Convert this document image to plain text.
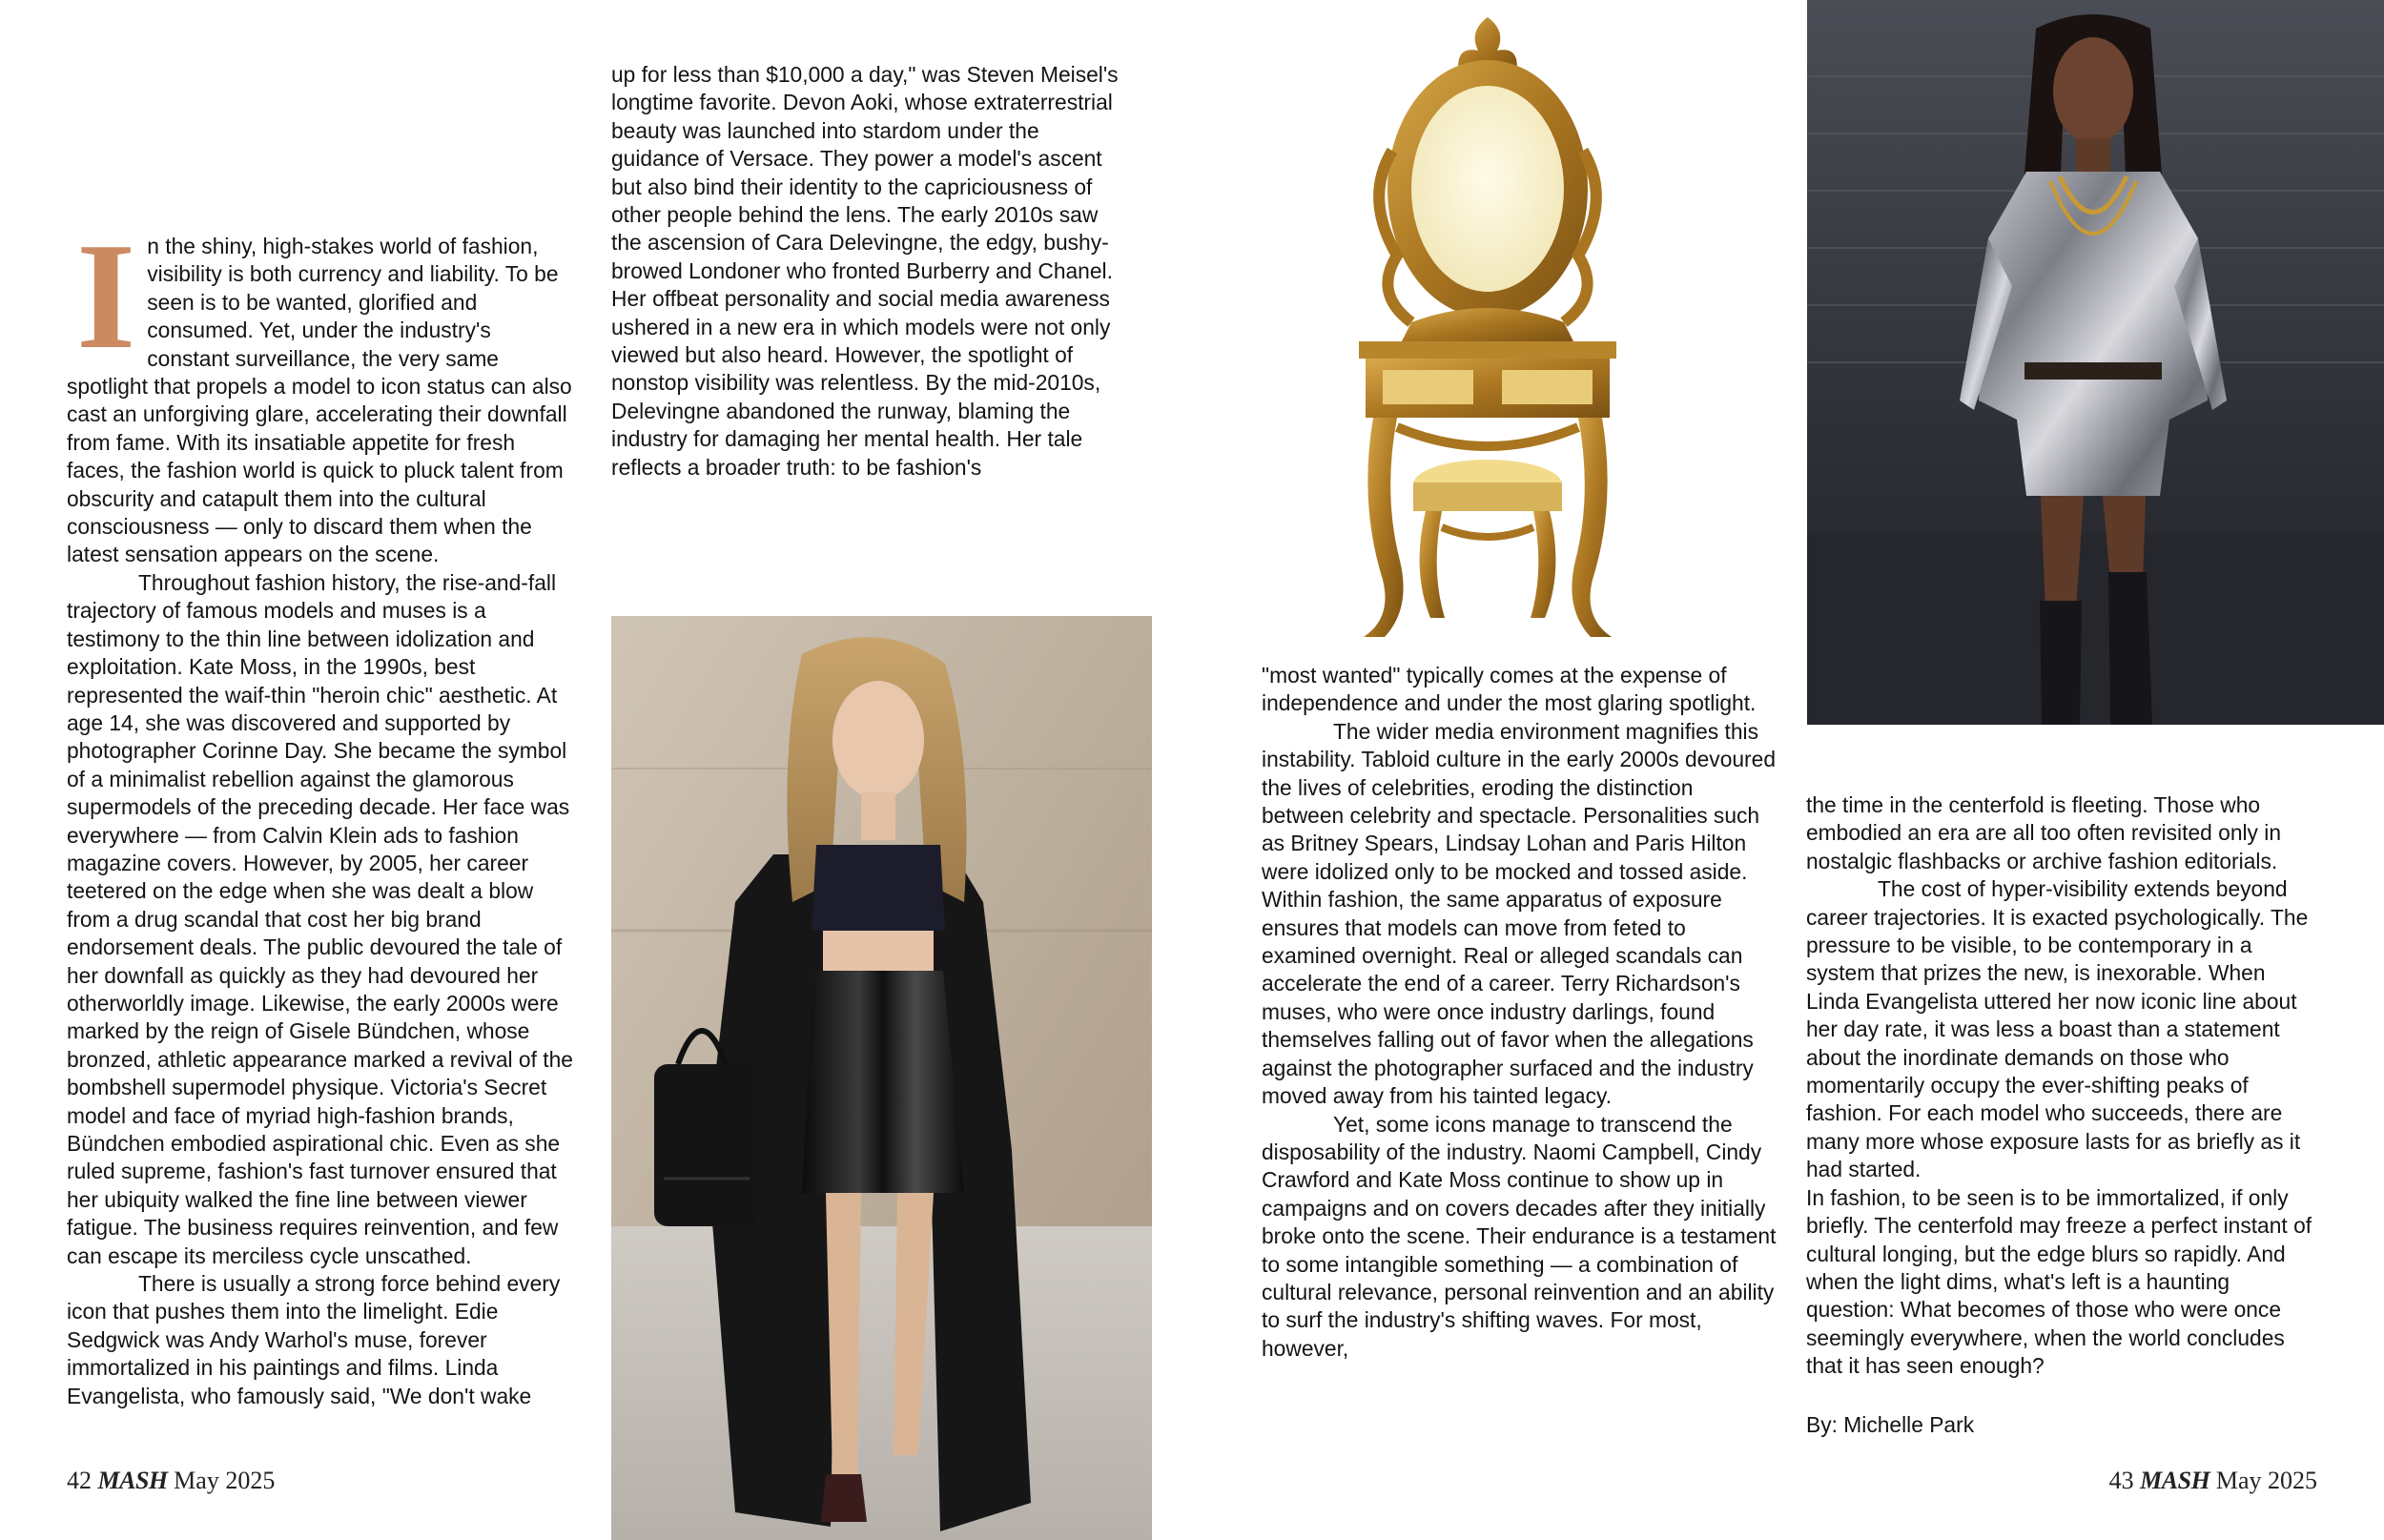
I n the shiny, high-stakes world of fashion, visibility is both currency and liability. To be seen is to be wanted, glorified and consumed. Yet, under the industry's constant surveillance, the very same spotlight that propels a model to icon status can also cast an unforgiving glare, accelerating their downfall from fame. With its insatiable appetite for fresh faces, the fashion world is quick to pluck talent from obscurity and catapult them into the cultural consciousness — only to discard them when the latest sensation appears on the scene.

Throughout fashion history, the rise-and-fall trajectory of famous models and muses is a testimony to the thin line between idolization and exploitation. Kate Moss, in the 1990s, best represented the waif-thin "heroin chic" aesthetic. At age 14, she was discovered and supported by photographer Corinne Day. She became the symbol of a minimalist rebellion against the glamorous supermodels of the preceding decade. Her face was everywhere — from Calvin Klein ads to fashion magazine covers. However, by 2005, her career teetered on the edge when she was dealt a blow from a drug scandal that cost her big brand endorsement deals. The public devoured the tale of her downfall as quickly as they had devoured her otherworldly image. Likewise, the early 2000s were marked by the reign of Gisele Bündchen, whose bronzed, athletic appearance marked a revival of the bombshell supermodel physique. Victoria's Secret model and face of myriad high-fashion brands, Bündchen embodied aspirational chic. Even as she ruled supreme, fashion's fast turnover ensured that her ubiquity walked the fine line between viewer fatigue. The business requires reinvention, and few can escape its merciless cycle unscathed.

There is usually a strong force behind every icon that pushes them into the limelight. Edie Sedgwick was Andy Warhol's muse, forever immortalized in his paintings and films. Linda Evangelista, who famously said, "We don't wake

up for less than $10,000 a day," was Steven Meisel's longtime favorite. Devon Aoki, whose extraterrestrial beauty was launched into stardom under the guidance of Versace. They power a model's ascent but also bind their identity to the capriciousness of other people behind the lens. The early 2010s saw the ascension of Cara Delevingne, the edgy, bushy-browed Londoner who fronted Burberry and Chanel. Her offbeat personality and social media awareness ushered in a new era in which models were not only viewed but also heard. However, the spotlight of nonstop visibility was relentless. By the mid-2010s, Delevingne abandoned the runway, blaming the industry for damaging her mental health. Her tale reflects a broader truth: to be fashion's

"most wanted" typically comes at the expense of independence and under the most glaring spotlight.

The wider media environment magnifies this instability. Tabloid culture in the early 2000s devoured the lives of celebrities, eroding the distinction between celebrity and spectacle. Personalities such as Britney Spears, Lindsay Lohan and Paris Hilton were idolized only to be mocked and tossed aside.

Within fashion, the same apparatus of exposure ensures that models can move from feted to examined overnight. Real or alleged scandals can accelerate the end of a career. Terry Richardson's muses, who were once industry darlings, found themselves falling out of favor when the allegations against the photographer surfaced and the industry moved away from his tainted legacy.

Yet, some icons manage to transcend the disposability of the industry. Naomi Campbell, Cindy Crawford and Kate Moss continue to show up in campaigns and on covers decades after they initially broke onto the scene. Their endurance is a testament to some intangible something — a combination of cultural relevance, personal reinvention and an ability to surf the industry's shifting waves. For most, however,

the time in the centerfold is fleeting. Those who embodied an era are all too often revisited only in nostalgic flashbacks or archive fashion editorials.

The cost of hyper-visibility extends beyond career trajectories. It is exacted psychologically. The pressure to be visible, to be contemporary in a system that prizes the new, is inexorable. When Linda Evangelista uttered her now iconic line about her day rate, it was less a boast than a statement about the inordinate demands on those who momentarily occupy the ever-shifting peaks of fashion. For each model who succeeds, there are many more whose exposure lasts for as briefly as it had started.

In fashion, to be seen is to be immortalized, if only briefly. The centerfold may freeze a perfect instant of cultural longing, but the edge blurs so rapidly. And when the light dims, what's left is a haunting question: What becomes of those who were once seemingly everywhere, when the world concludes that it has seen enough?

By: Michelle Park

42 MASH May 2025	43 MASH May 2025
